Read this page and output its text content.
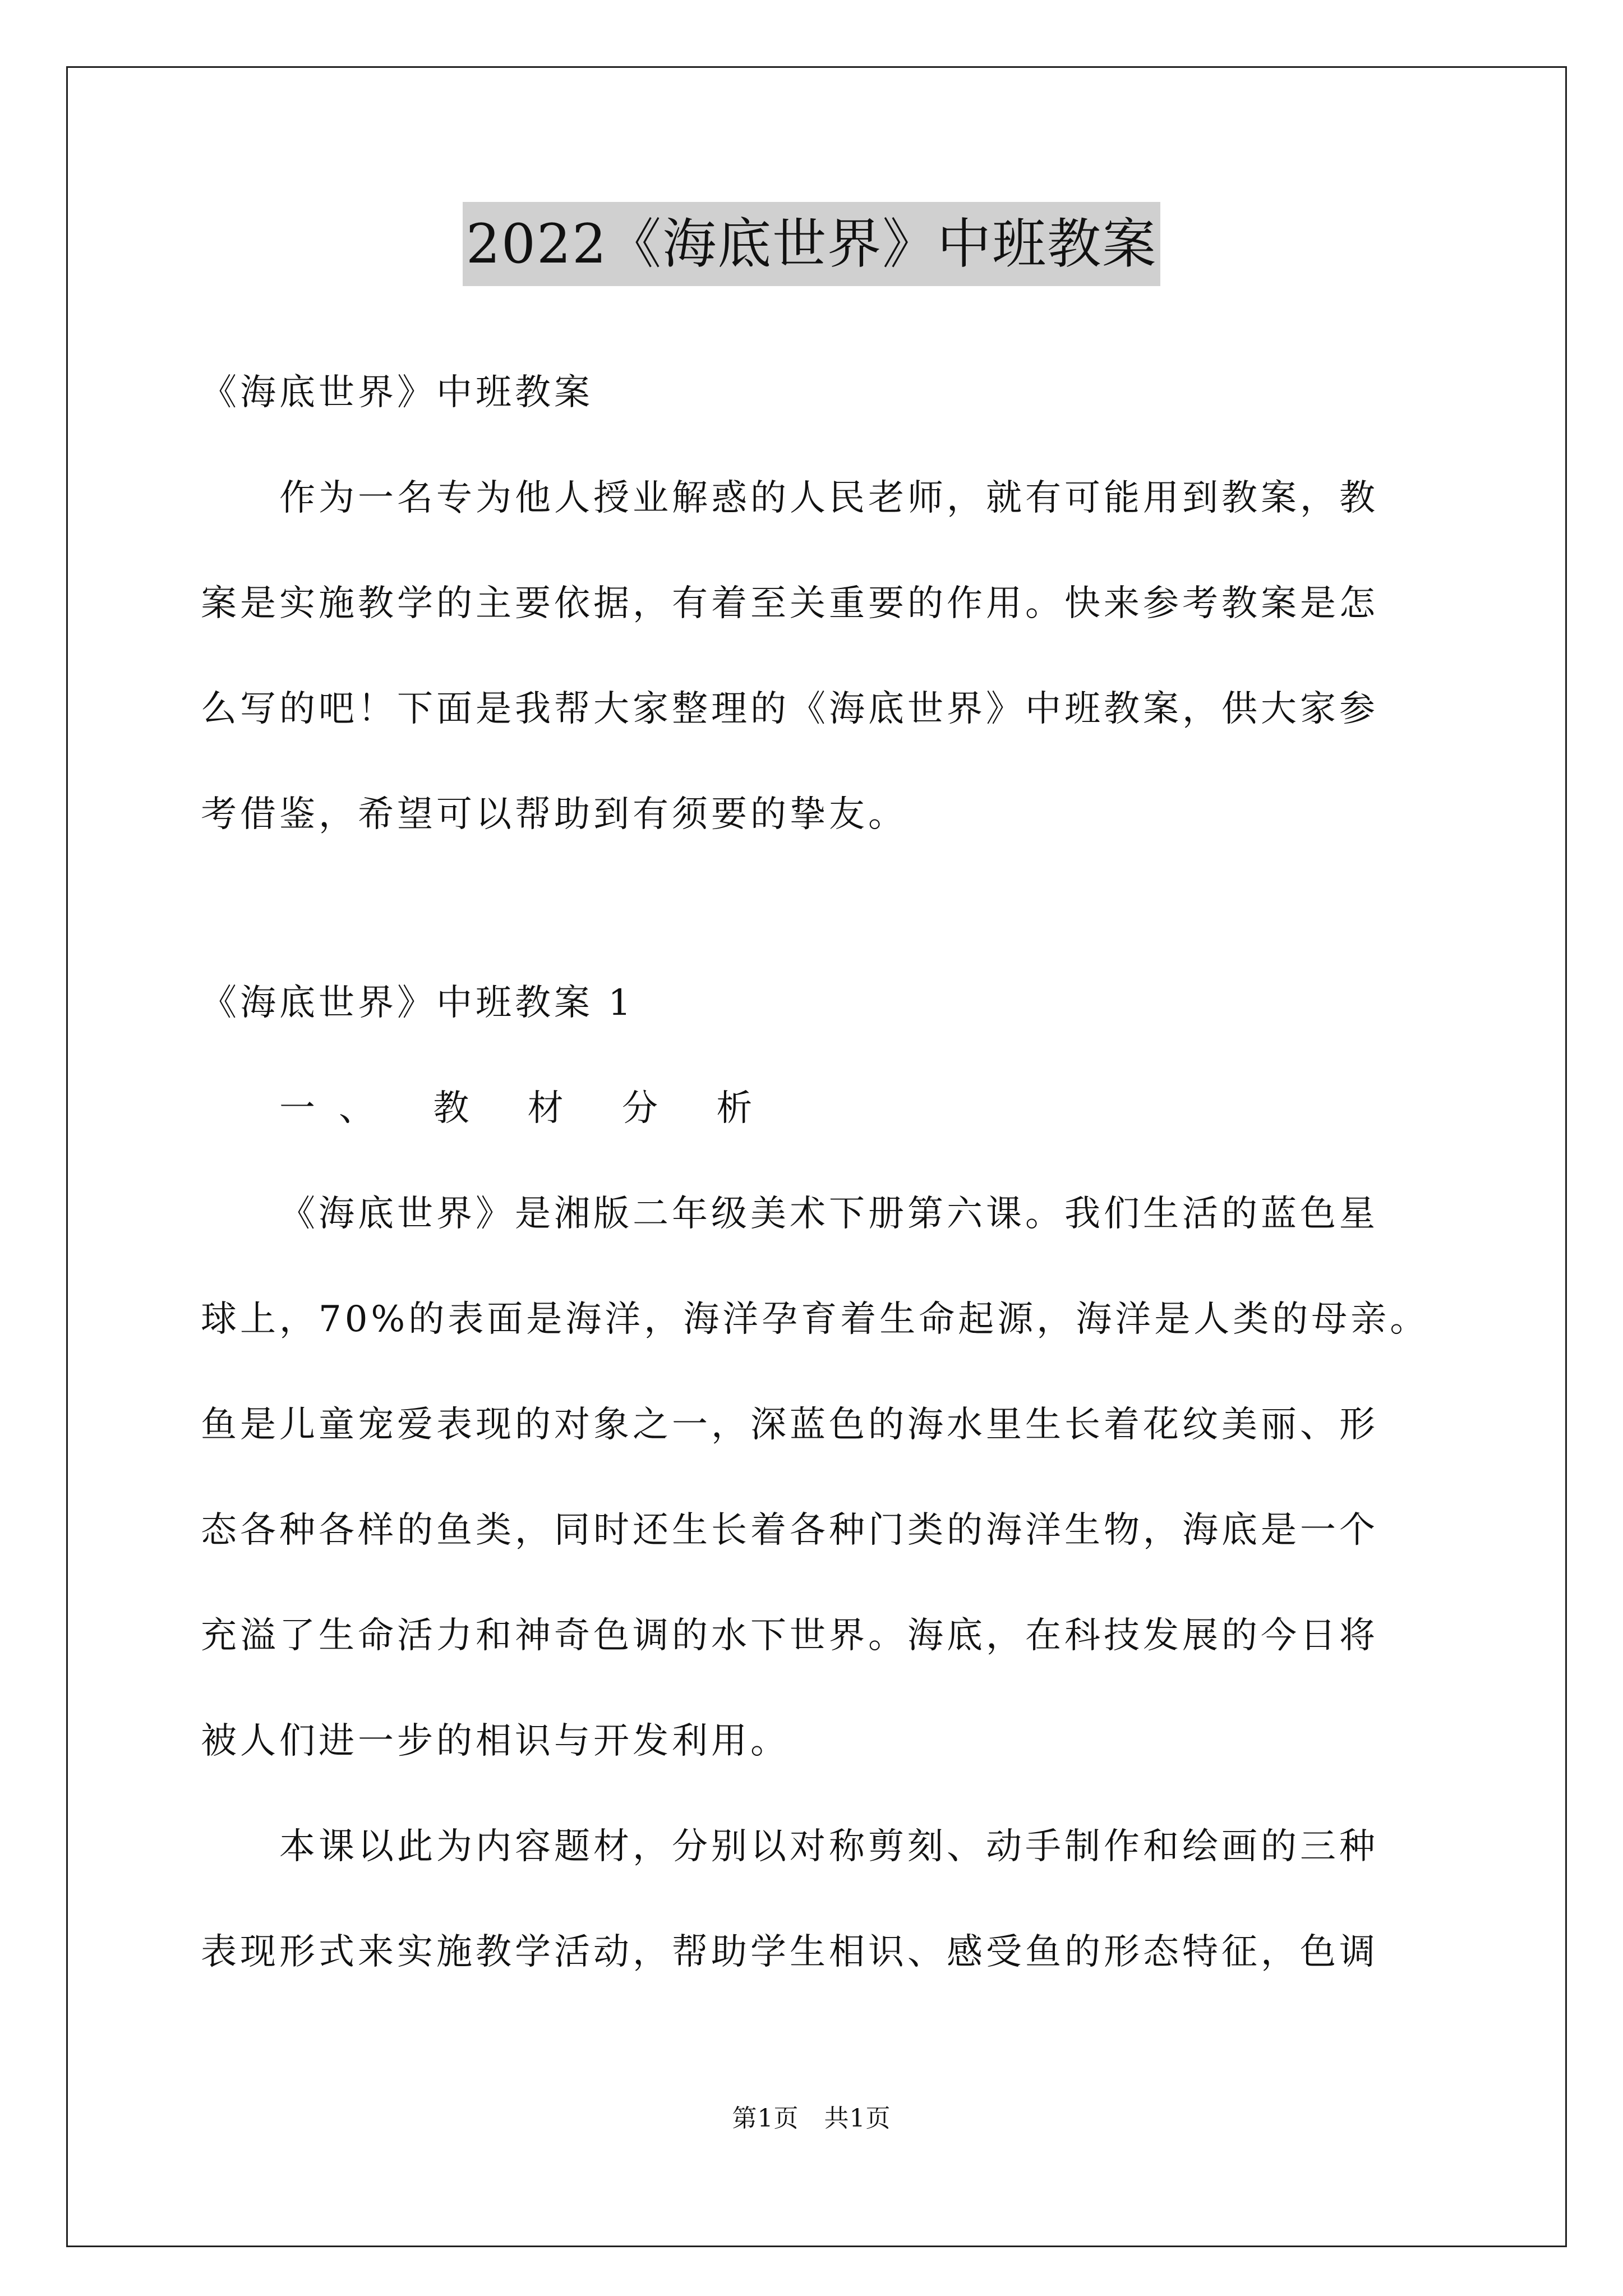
2022《海底世界》中班教案
《海底世界》中班教案
作为一名专为他人授业解惑的人民老师，就有可能用到教案，教
案是实施教学的主要依据，有着至关重要的作用。快来参考教案是怎
么写的吧！下面是我帮大家整理的《海底世界》中班教案，供大家参
考借鉴，希望可以帮助到有须要的挚友。
《海底世界》中班教案 1
一、 教 材 分 析
《海底世界》是湘版二年级美术下册第六课。我们生活的蓝色星
球上，70%的表面是海洋，海洋孕育着生命起源，海洋是人类的母亲。
鱼是儿童宠爱表现的对象之一，深蓝色的海水里生长着花纹美丽、形
态各种各样的鱼类，同时还生长着各种门类的海洋生物，海底是一个
充溢了生命活力和神奇色调的水下世界。海底，在科技发展的今日将
被人们进一步的相识与开发利用。
本课以此为内容题材，分别以对称剪刻、动手制作和绘画的三种
表现形式来实施教学活动，帮助学生相识、感受鱼的形态特征，色调
第1页　共1页
